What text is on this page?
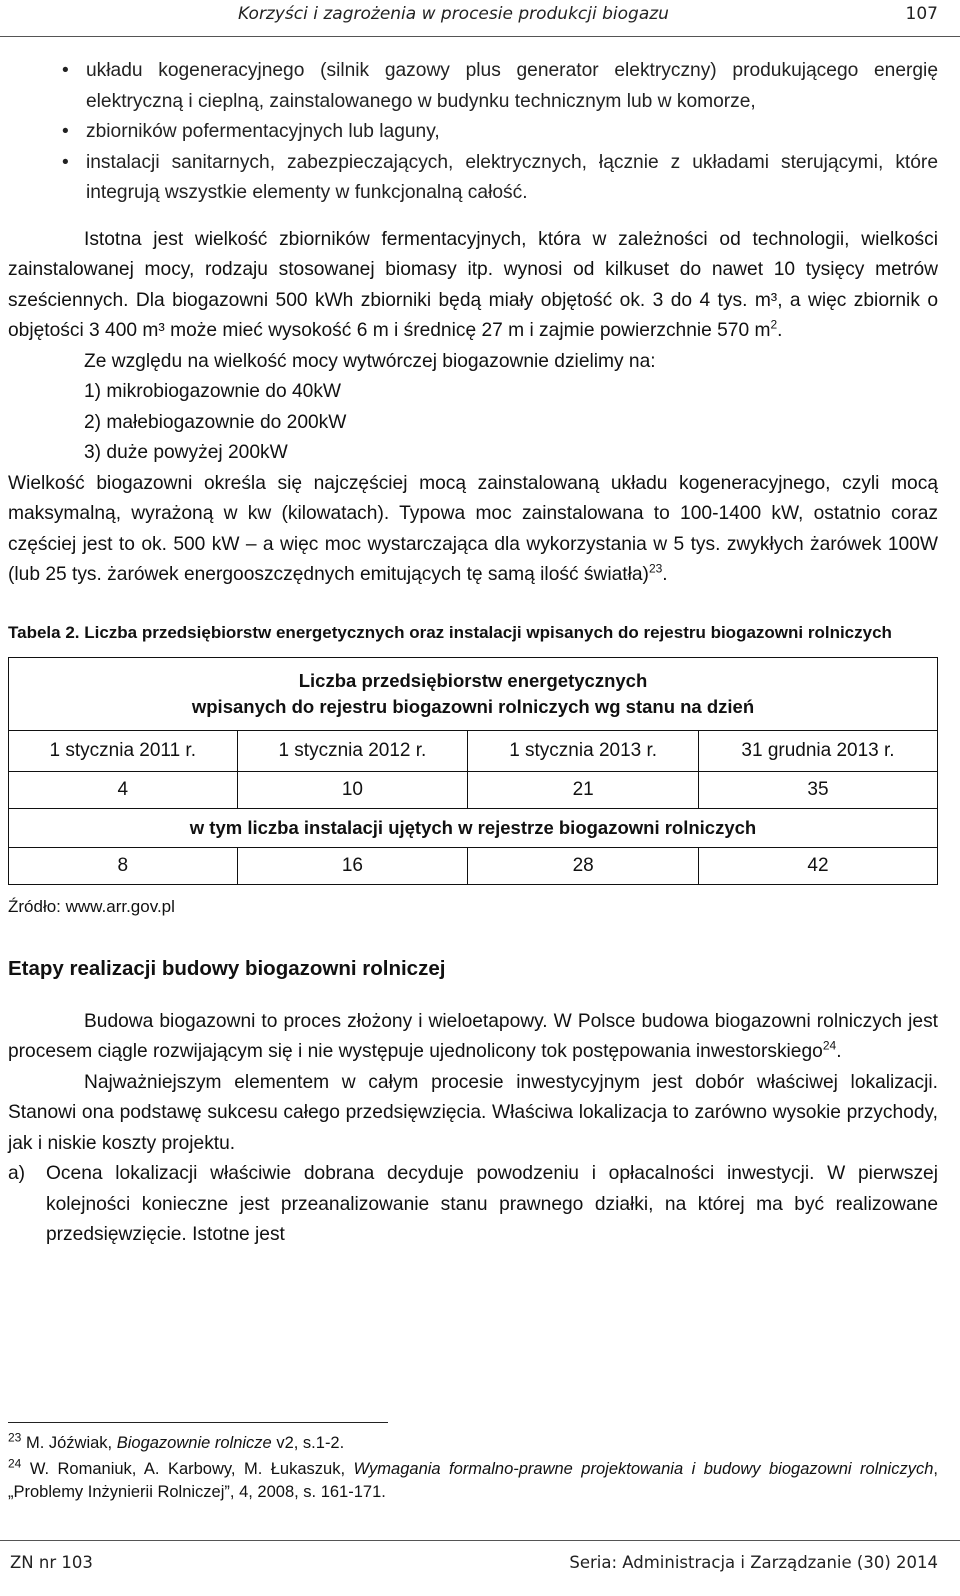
Korzyści i zagrożenia w procesie produkcji biogazu	107
• układu kogeneracyjnego (silnik gazowy plus generator elektryczny) produkującego energię elektryczną i cieplną, zainstalowanego w budynku technicznym lub w komorze,
• zbiorników pofermentacyjnych lub laguny,
• instalacji sanitarnych, zabezpieczających, elektrycznych, łącznie z układami sterującymi, które integrują wszystkie elementy w funkcjonalną całość.

Istotna jest wielkość zbiorników fermentacyjnych, która w zależności od technologii, wielkości zainstalowanej mocy, rodzaju stosowanej biomasy itp. wynosi od kilkuset do nawet 10 tysięcy metrów sześciennych. Dla biogazowni 500 kWh zbiorniki będą miały objętość ok. 3 do 4 tys. m³, a więc zbiornik o objętości 3 400 m³ może mieć wysokość 6 m i średnicę 27 m i zajmie powierzchnie 570 $m^2$.

Ze względu na wielkość mocy wytwórczej biogazownie dzielimy na:

1) mikrobiogazownie do 40kW
2) małebiogazownie do 200kW
3) duże powyżej 200kW

Wielkość biogazowni określa się najczęściej mocą zainstalowaną układu kogeneracyjnego, czyli mocą maksymalną, wyrażoną w kw (kilowatach). Typowa moc zainstalowana to 100-1400 kW, ostatnio coraz częściej jest to ok. 500 kW – a więc moc wystarczająca dla wykorzystania w 5 tys. zwykłych żarówek 100W (lub 25 tys. żarówek energooszczędnych emitujących tę samą ilość światła)$^{23}$.

Tabela 2. Liczba przedsiębiorstw energetycznych oraz instalacji wpisanych do rejestru biogazowni rolniczych

Liczba przedsiębiorstw energetycznych
wpisanych do rejestru biogazowni rolniczych wg stanu na dzień			

1 stycznia 2011 r.	1 stycznia 2012 r.	1 stycznia 2013 r.	31 grudnia 2013 r.
4	10	21	35
w tym liczba instalacji ujętych w rejestrze biogazowni rolniczych			
8	16	28	42
Źródło: www.arr.gov.pl
Etapy realizacji budowy biogazowni rolniczej

Budowa biogazowni to proces złożony i wieloetapowy. W Polsce budowa biogazowni rolniczych jest procesem ciągle rozwijającym się i nie występuje ujednolicony tok postępowania inwestorskiego$^{24}$.

Najważniejszym elementem w całym procesie inwestycyjnym jest dobór właściwej lokalizacji. Stanowi ona podstawę sukcesu całego przedsięwzięcia. Właściwa lokalizacja to zarówno wysokie przychody, jak i niskie koszty projektu.

a) Ocena lokalizacji właściwie dobrana decyduje powodzeniu i opłacalności inwestycji. W pierwszej kolejności konieczne jest przeanalizowanie stanu prawnego działki, na której ma być realizowane przedsięwzięcie. Istotne jest

$^{23}$ M. Jóźwiak, Biogazownie rolnicze v2, s.1-2.

$^{24}$ W. Romaniuk, A. Karbowy, M. Łukaszuk, Wymagania formalno-prawne projektowania i budowy biogazowni rolniczych, „Problemy Inżynierii Rolniczej”, 4, 2008, s. 161-171.

ZN nr 103	Seria: Administracja i Zarządzanie (30) 2014
